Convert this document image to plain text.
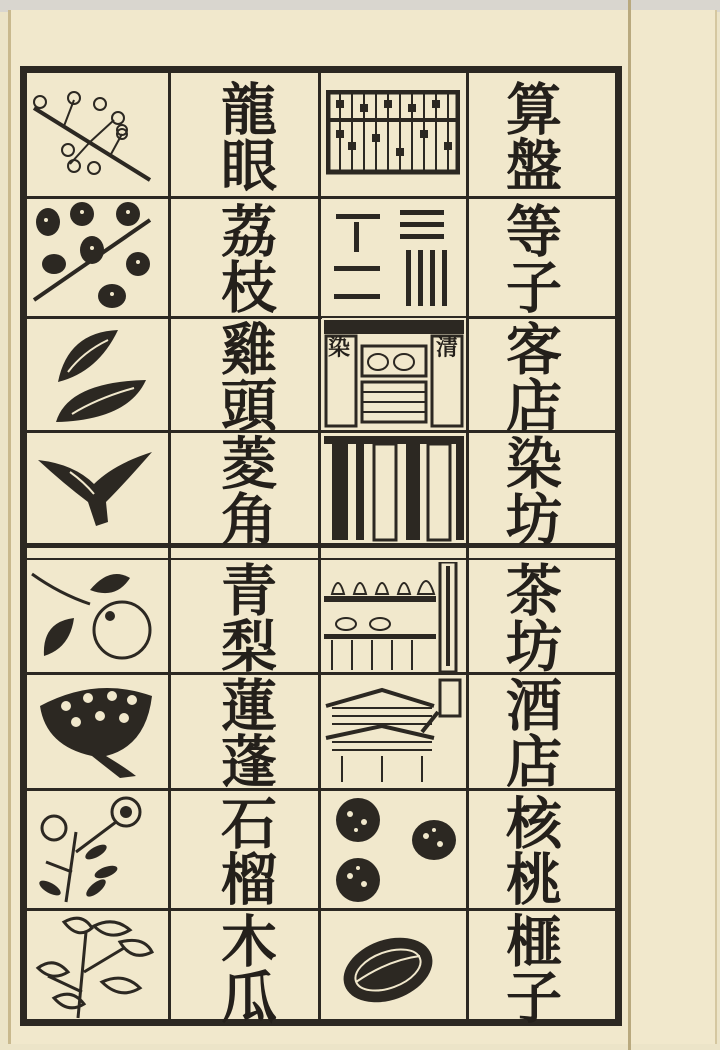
算盤
等子
客店
染坊
茶坊
酒店
核桃
榧子
龍眼
荔枝
雞頭
菱角
青梨
蓮蓬
石榴
木瓜
染	清
